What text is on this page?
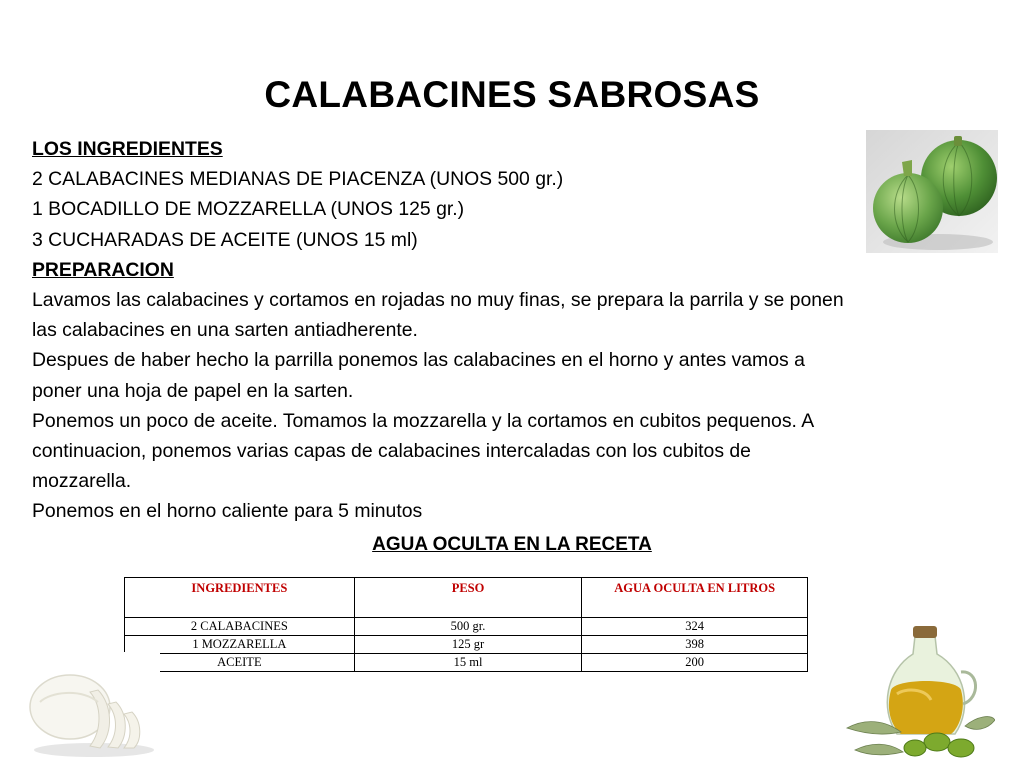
CALABACINES SABROSAS
LOS INGREDIENTES
2 CALABACINES MEDIANAS DE PIACENZA (UNOS 500 gr.)
1 BOCADILLO DE MOZZARELLA (UNOS 125 gr.)
3 CUCHARADAS DE ACEITE (UNOS 15 ml)
PREPARACION
Lavamos las calabacines y cortamos en rojadas no muy finas, se prepara la parrila y se ponen
las calabacines en una sarten antiadherente.
Despues de haber hecho la parrilla ponemos las calabacines en el horno y antes vamos a
poner una hoja de papel en la sarten.
Ponemos un poco de aceite. Tomamos la mozzarella y la cortamos en cubitos pequenos. A
continuacion, ponemos varias capas de calabacines intercaladas con los cubitos de
mozzarella.
Ponemos en el horno caliente para 5 minutos
AGUA OCULTA EN LA RECETA
INGREDIENTES	PESO	AGUA OCULTA EN LITROS
2 CALABACINES	500 gr.	324
1 MOZZARELLA	125 gr	398
ACEITE	15 ml	200
